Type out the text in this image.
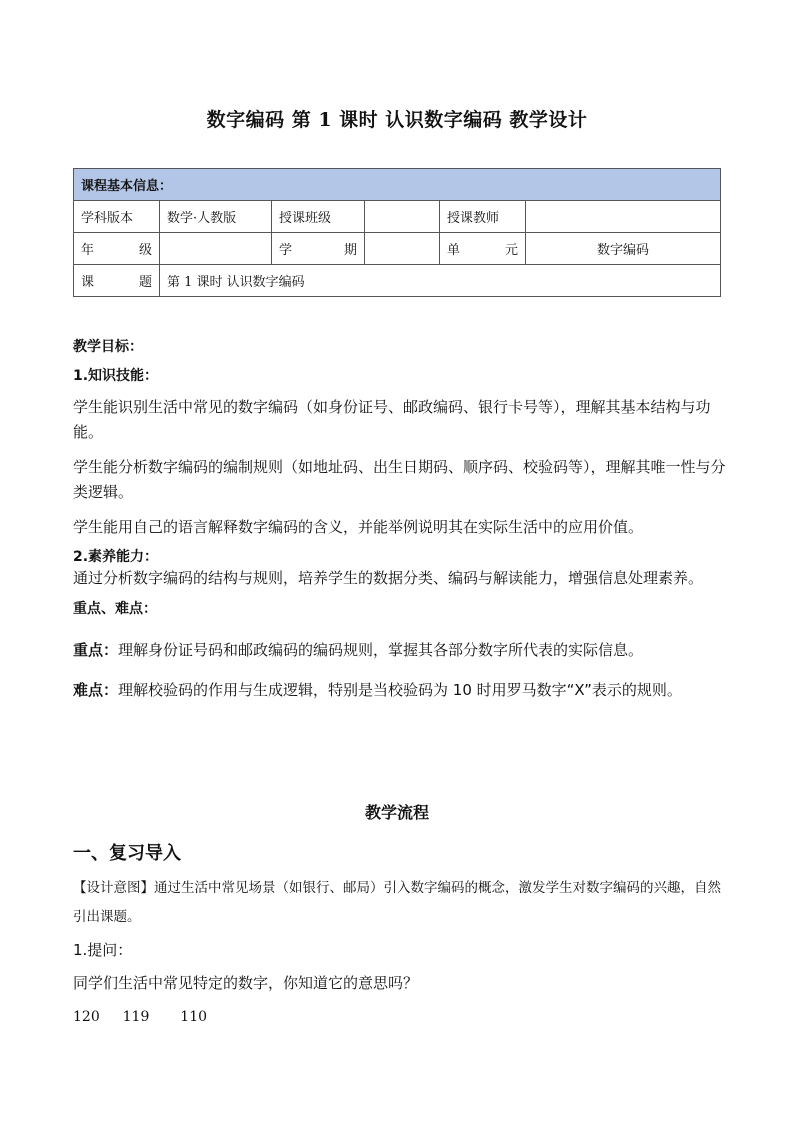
数字编码 第 1 课时 认识数字编码 教学设计
课程基本信息：					
学科版本	数学·人教版	授课班级		授课教师	

年 级		学 期		单 元	数字编码

课 题	第 1 课时 认识数字编码				
教学目标：
1.知识技能：
学生能识别生活中常见的数字编码（如身份证号、邮政编码、银行卡号等），理解其基本结构与功能。
学生能分析数字编码的编制规则（如地址码、出生日期码、顺序码、校验码等），理解其唯一性与分类逻辑。
学生能用自己的语言解释数字编码的含义，并能举例说明其在实际生活中的应用价值。
2.素养能力：
通过分析数字编码的结构与规则，培养学生的数据分类、编码与解读能力，增强信息处理素养。
重点、难点：
重点：理解身份证号码和邮政编码的编码规则，掌握其各部分数字所代表的实际信息。
难点：理解校验码的作用与生成逻辑，特别是当校验码为 10 时用罗马数字“X”表示的规则。
教学流程
一、复习导入
【设计意图】通过生活中常见场景（如银行、邮局）引入数字编码的概念，激发学生对数字编码的兴趣，自然引出课题。
1.提问：
同学们生活中常见特定的数字，你知道它的意思吗？
120 119 110
